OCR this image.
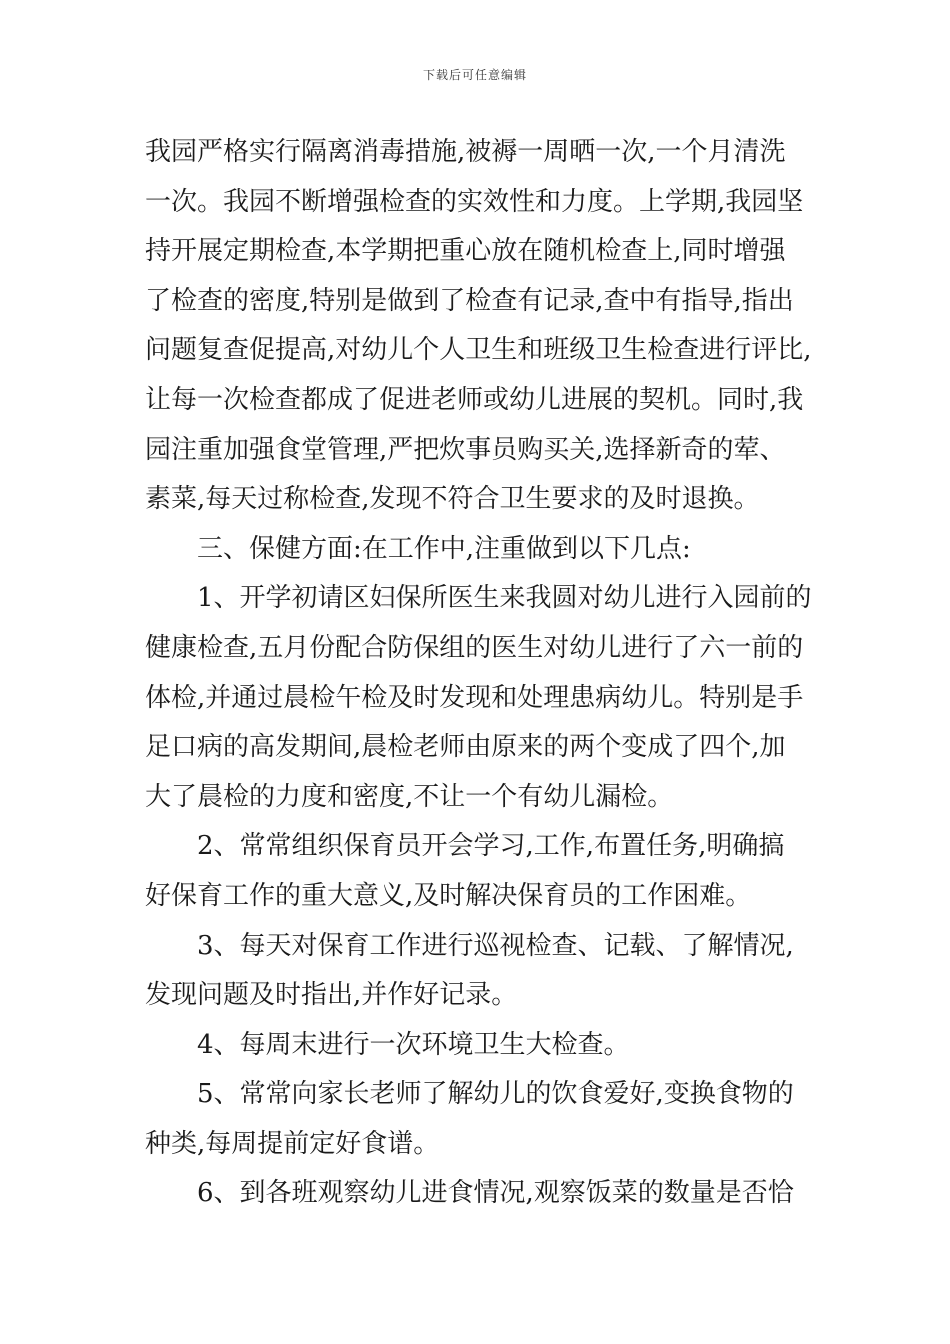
下载后可任意编辑
我园严格实行隔离消毒措施,被褥一周晒一次,一个月清洗
一次。我园不断增强检查的实效性和力度。上学期,我园坚
持开展定期检查,本学期把重心放在随机检查上,同时增强
了检查的密度,特别是做到了检查有记录,查中有指导,指出
问题复查促提高,对幼儿个人卫生和班级卫生检查进行评比,
让每一次检查都成了促进老师或幼儿进展的契机。同时,我
园注重加强食堂管理,严把炊事员购买关,选择新奇的荤、
素菜,每天过称检查,发现不符合卫生要求的及时退换。
三、保健方面:在工作中,注重做到以下几点:
1、开学初请区妇保所医生来我圆对幼儿进行入园前的
健康检查,五月份配合防保组的医生对幼儿进行了六一前的
体检,并通过晨检午检及时发现和处理患病幼儿。特别是手
足口病的高发期间,晨检老师由原来的两个变成了四个,加
大了晨检的力度和密度,不让一个有幼儿漏检。
2、常常组织保育员开会学习,工作,布置任务,明确搞
好保育工作的重大意义,及时解决保育员的工作困难。
3、每天对保育工作进行巡视检查、记载、了解情况,
发现问题及时指出,并作好记录。
4、每周末进行一次环境卫生大检查。
5、常常向家长老师了解幼儿的饮食爱好,变换食物的
种类,每周提前定好食谱。
6、到各班观察幼儿进食情况,观察饭菜的数量是否恰
